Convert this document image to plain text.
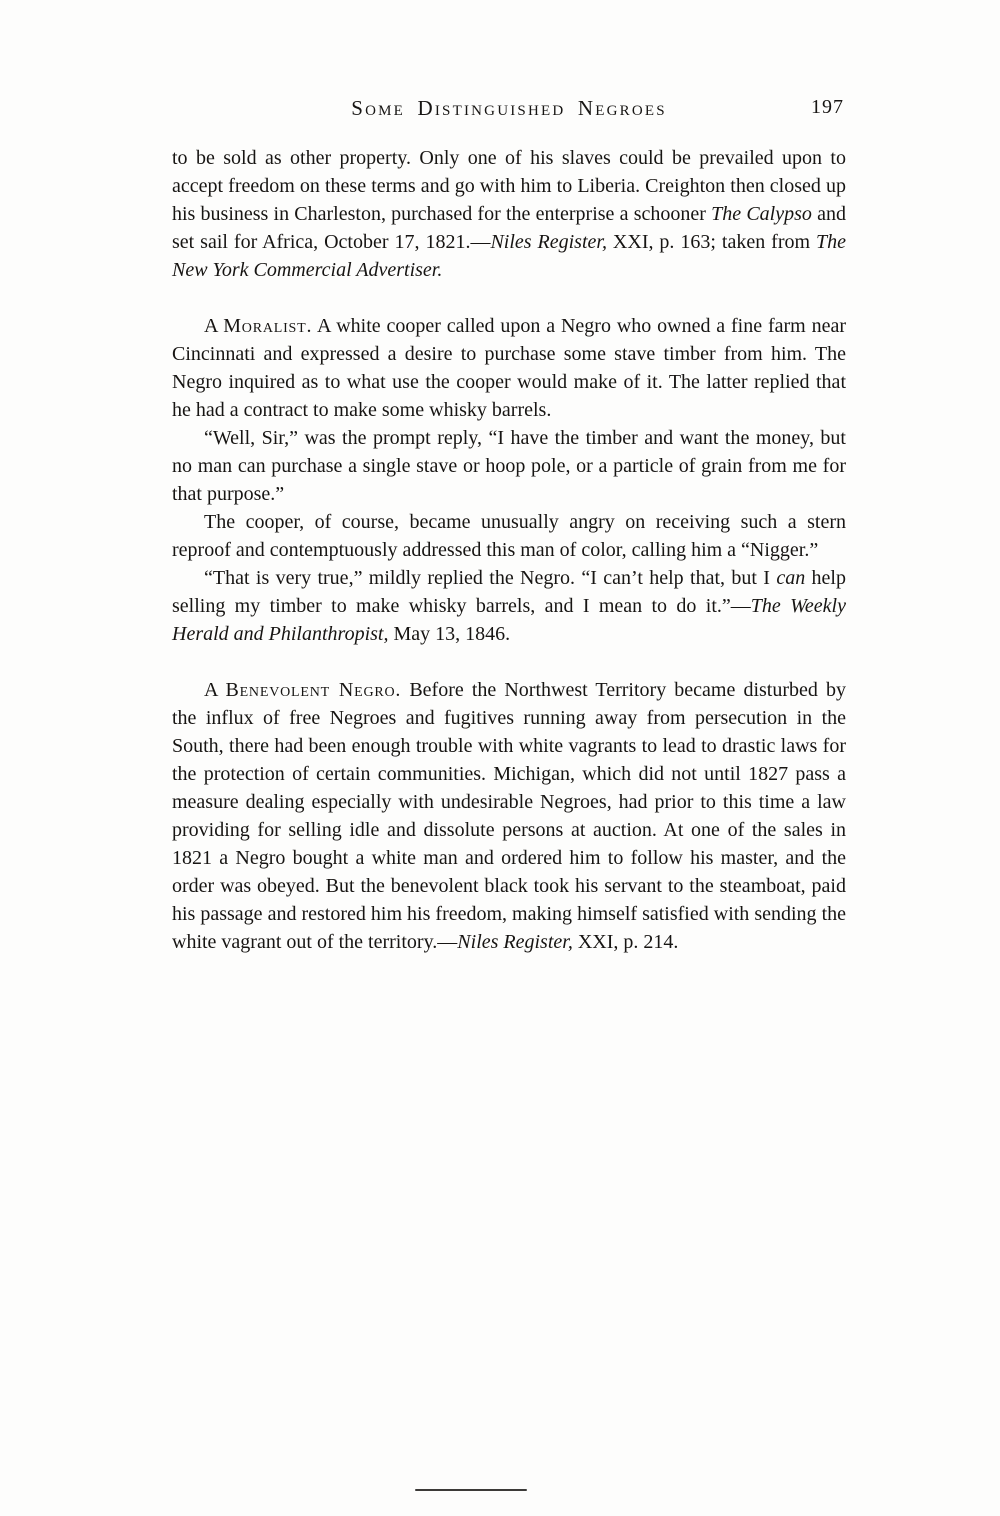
Some Distinguished Negroes	197

to be sold as other property. Only one of his slaves could be prevailed upon to accept freedom on these terms and go with him to Liberia. Creighton then closed up his business in Charleston, purchased for the enterprise a schooner The Calypso and set sail for Africa, October 17, 1821.—Niles Register, XXI, p. 163; taken from The New York Commercial Advertiser.

A Moralist. A white cooper called upon a Negro who owned a fine farm near Cincinnati and expressed a desire to purchase some stave timber from him. The Negro inquired as to what use the cooper would make of it. The latter replied that he had a contract to make some whisky barrels.

“Well, Sir,” was the prompt reply, “I have the timber and want the money, but no man can purchase a single stave or hoop pole, or a particle of grain from me for that purpose.”

The cooper, of course, became unusually angry on receiving such a stern reproof and contemptuously addressed this man of color, calling him a “Nigger.”

“That is very true,” mildly replied the Negro. “I can’t help that, but I can help selling my timber to make whisky barrels, and I mean to do it.”—The Weekly Herald and Philanthropist, May 13, 1846.

A Benevolent Negro. Before the Northwest Territory became disturbed by the influx of free Negroes and fugitives running away from persecution in the South, there had been enough trouble with white vagrants to lead to drastic laws for the protection of certain communities. Michigan, which did not until 1827 pass a measure dealing especially with undesirable Negroes, had prior to this time a law providing for selling idle and dissolute persons at auction. At one of the sales in 1821 a Negro bought a white man and ordered him to follow his master, and the order was obeyed. But the benevolent black took his servant to the steamboat, paid his passage and restored him his freedom, making himself satisfied with sending the white vagrant out of the territory.—Niles Register, XXI, p. 214.
